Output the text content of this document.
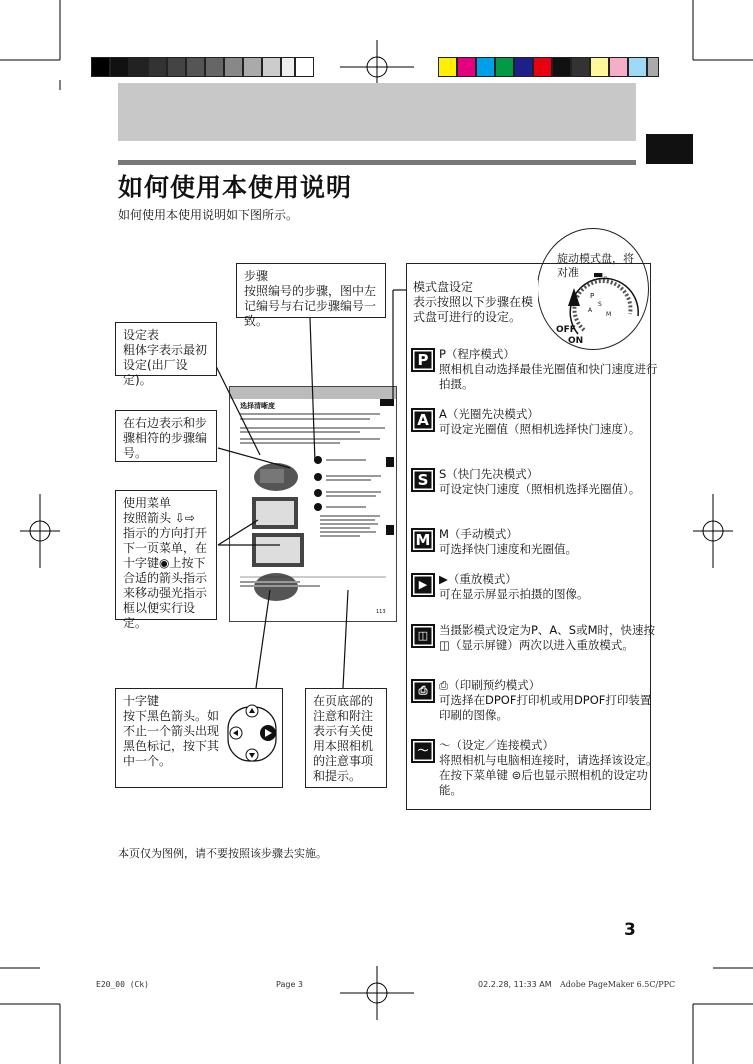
如何使用本使用说明
如何使用本使用说明如下图所示。
选择清晰度
113
步骤
按照编号的步骤，图中左记编号与右记步骤编号一致。
设定表
粗体字表示最初设定(出厂设定)。
在右边表示和步骤相符的步骤编号。
使用菜单
按照箭头 ⇩⇨ 指示的方向打开下一页菜单，在十字键◉上按下合适的箭头指示来移动强光指示框以便实行设定。
十字键
按下黑色箭头。如不止一个箭头出现黑色标记，按下其中一个。
在页底部的注意和附注表示有关使用本照相机的注意事项和提示。
旋动模式盘，将对准	▬。
P
S
A
M
OFF
ON
模式盘设定
表示按照以下步骤在模式盘可进行的设定。
P P（程序模式）
照相机自动选择最佳光圈值和快门速度进行拍摄。
A A（光圈先决模式）
可设定光圈值（照相机选择快门速度）。
S S（快门先决模式）
可设定快门速度（照相机选择光圈值）。
M M（手动模式）
可选择快门速度和光圈值。
▶	▶（重放模式）
可在显示屏显示拍摄的图像。
◫ 当摄影模式设定为P、A、S或M时，快速按◫（显示屏键）两次以进入重放模式。
⎙	⎙（印刷预约模式）
可选择在DPOF打印机或用DPOF打印装置印刷的图像。
〜 〜（设定／连接模式）
将照相机与电脑相连接时，请选择该设定。在按下菜单键 ⊜后也显示照相机的设定功能。
本页仅为图例，请不要按照该步骤去实施。
3
E20_00 (Ck)	Page 3	02.2.28, 11:33 AM Adobe PageMaker 6.5C/PPC
